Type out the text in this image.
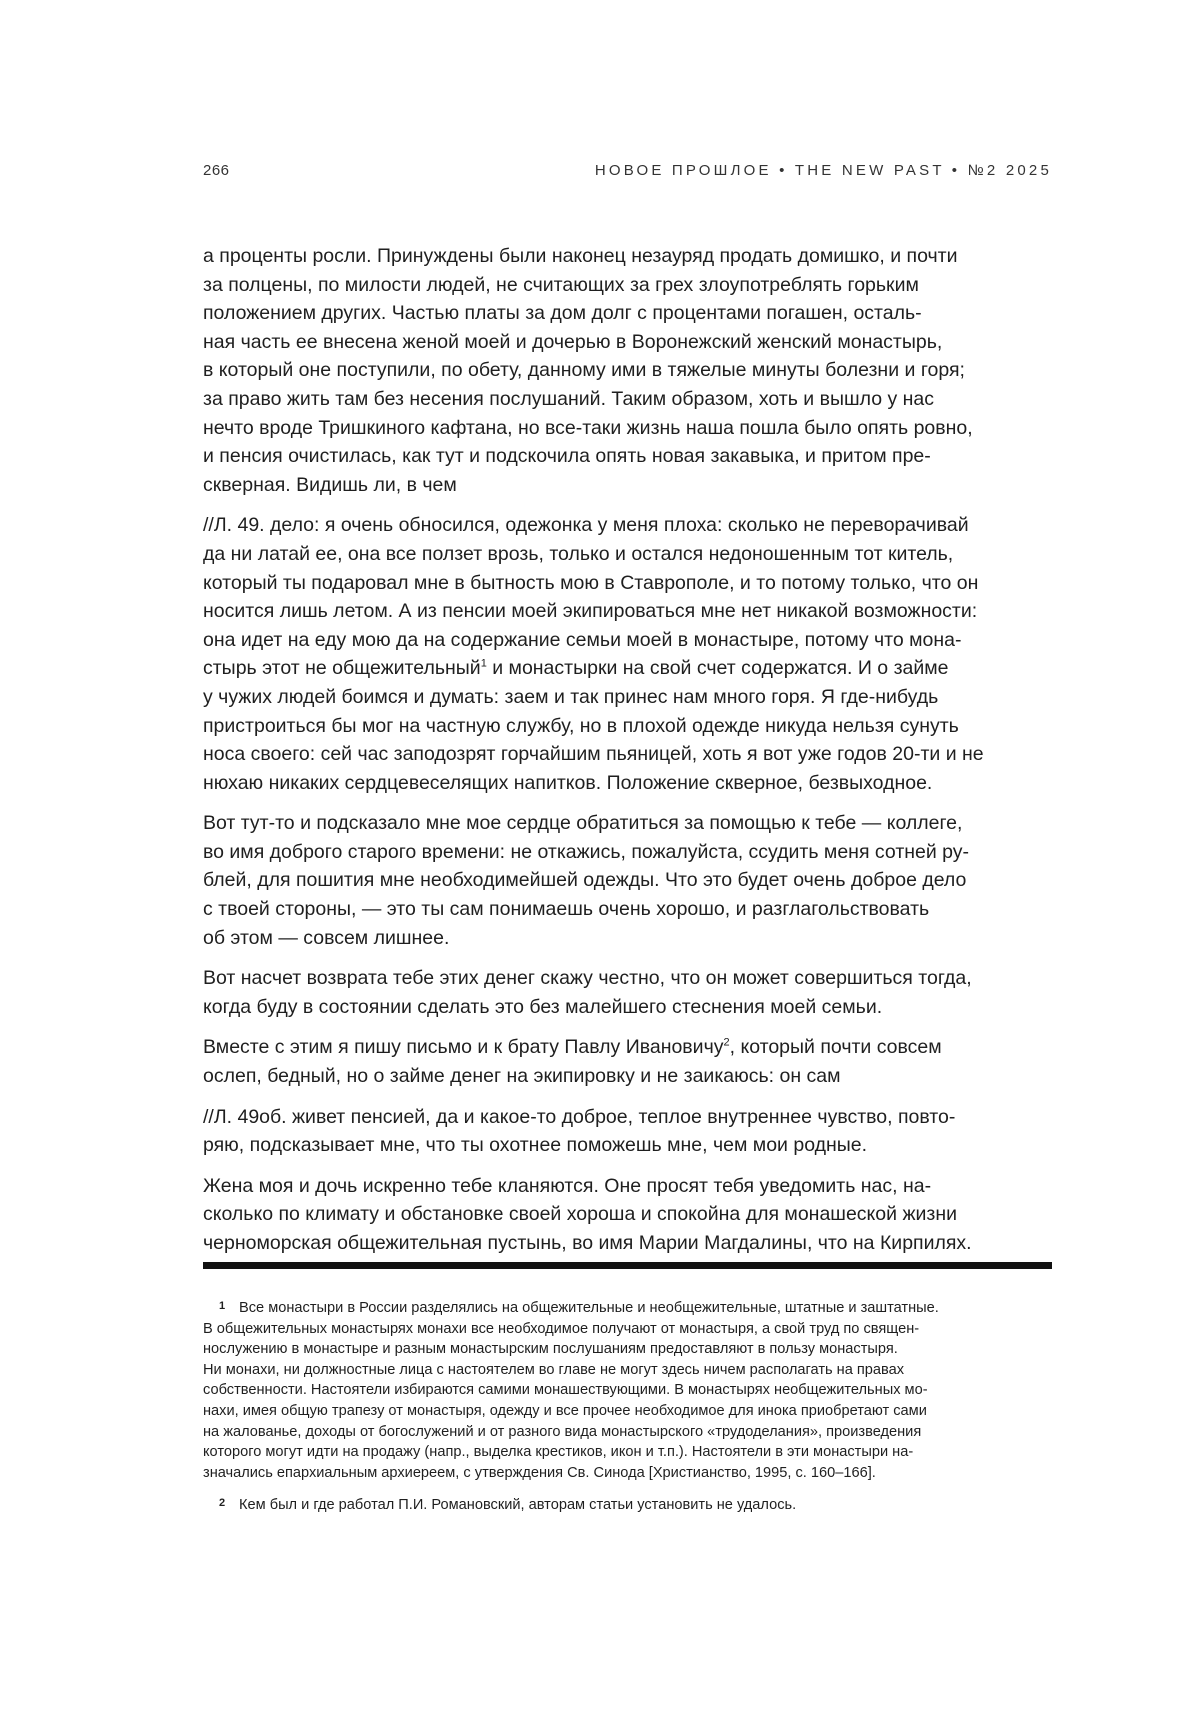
266	НОВОЕ ПРОШЛОЕ • THE NEW PAST • №2 2025

а проценты росли. Принуждены были наконец незауряд продать домишко, и почти
за полцены, по милости людей, не считающих за грех злоупотреблять горьким
положением других. Частью платы за дом долг с процентами погашен, осталь-
ная часть ее внесена женой моей и дочерью в Воронежский женский монастырь,
в который оне поступили, по обету, данному ими в тяжелые минуты болезни и горя;
за право жить там без несения послушаний. Таким образом, хоть и вышло у нас
нечто вроде Тришкиного кафтана, но все-таки жизнь наша пошла было опять ровно,
и пенсия очистилась, как тут и подскочила опять новая закавыка, и притом пре-
скверная. Видишь ли, в чем

//Л. 49. дело: я очень обносился, одежонка у меня плоха: сколько не переворачивай
да ни латай ее, она все ползет врозь, только и остался недоношенным тот китель,
который ты подаровал мне в бытность мою в Ставрополе, и то потому только, что он
носится лишь летом. А из пенсии моей экипироваться мне нет никакой возможности:
она идет на еду мою да на содержание семьи моей в монастыре, потому что мона-
стырь этот не общежительный$^1$ и монастырки на свой счет содержатся. И о займе
у чужих людей боимся и думать: заем и так принес нам много горя. Я где-нибудь
пристроиться бы мог на частную службу, но в плохой одежде никуда нельзя сунуть
носа своего: сей час заподозрят горчайшим пьяницей, хоть я вот уже годов 20-ти и не
нюхаю никаких сердцевеселящих напитков. Положение скверное, безвыходное.

Вот тут-то и подсказало мне мое сердце обратиться за помощью к тебе — коллеге,
во имя доброго старого времени: не откажись, пожалуйста, ссудить меня сотней ру-
блей, для пошития мне необходимейшей одежды. Что это будет очень доброе дело
с твоей стороны, — это ты сам понимаешь очень хорошо, и разглагольствовать
об этом — совсем лишнее.

Вот насчет возврата тебе этих денег скажу честно, что он может совершиться тогда,
когда буду в состоянии сделать это без малейшего стеснения моей семьи.

Вместе с этим я пишу письмо и к брату Павлу Ивановичу$^2$, который почти совсем
ослеп, бедный, но о займе денег на экипировку и не заикаюсь: он сам

//Л. 49об. живет пенсией, да и какое-то доброе, теплое внутреннее чувство, повто-
ряю, подсказывает мне, что ты охотнее поможешь мне, чем мои родные.

Жена моя и дочь искренно тебе кланяются. Оне просят тебя уведомить нас, на-
сколько по климату и обстановке своей хороша и спокойна для монашеской жизни
черноморская общежительная пустынь, во имя Марии Магдалины, что на Кирпилях.

1 Все монастыри в России разделялись на общежительные и необщежительные, штатные и заштатные.
В общежительных монастырях монахи все необходимое получают от монастыря, а свой труд по священ-
нослужению в монастыре и разным монастырским послушаниям предоставляют в пользу монастыря.
Ни монахи, ни должностные лица с настоятелем во главе не могут здесь ничем располагать на правах
собственности. Настоятели избираются самими монашествующими. В монастырях необщежительных мо-
нахи, имея общую трапезу от монастыря, одежду и все прочее необходимое для инока приобретают сами
на жалованье, доходы от богослужений и от разного вида монастырского «трудоделания», произведения
которого могут идти на продажу (напр., выделка крестиков, икон и т.п.). Настоятели в эти монастыри на-
значались епархиальным архиереем, с утверждения Св. Синода [Христианство, 1995, с. 160–166].

2 Кем был и где работал П.И. Романовский, авторам статьи установить не удалось.
